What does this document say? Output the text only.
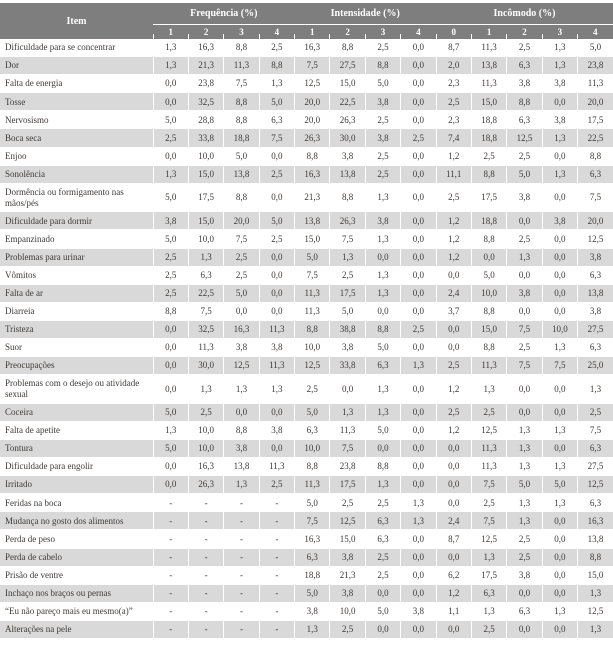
Item	Frequência (%)				Intensidade (%)				Incômodo (%)				
	1	2	3	4	1	2	3	4	0	1	2	3	4
Dificuldade para se concentrar	1,3	16,3	8,8	2,5	16,3	8,8	2,5	0,0	8,7	11,3	2,5	1,3	5,0
Dor	1,3	21,3	11,3	8,8	7,5	27,5	8,8	0,0	2,0	13,8	6,3	1,3	23,8
Falta de energia	0,0	23,8	7,5	1,3	12,5	15,0	5,0	0,0	2,3	11,3	3,8	3,8	11,3
Tosse	0,0	32,5	8,8	5,0	20,0	22,5	3,8	0,0	2,5	15,0	8,8	0,0	20,0
Nervosismo	5,0	28,8	8,8	6,3	20,0	26,3	2,5	0,0	2,3	18,8	6,3	3,8	17,5
Boca seca	2,5	33,8	18,8	7,5	26,3	30,0	3,8	2,5	7,4	18,8	12,5	1,3	22,5
Enjoo	0,0	10,0	5,0	0,0	8,8	3,8	2,5	0,0	1,2	2,5	2,5	0,0	8,8
Sonolência	1,3	15,0	13,8	2,5	16,3	13,8	2,5	0,0	11,1	8,8	5,0	1,3	6,3
Dormência ou formigamento nas mãos/pés	5,0	17,5	8,8	0,0	21,3	8,8	1,3	0,0	2,5	17,5	3,8	0,0	7,5
Dificuldade para dormir	3,8	15,0	20,0	5,0	13,8	26,3	3,8	0,0	1,2	18,8	0,0	3,8	20,0
Empanzinado	5,0	10,0	7,5	2,5	15,0	7,5	1,3	0,0	1,2	8,8	2,5	0,0	12,5
Problemas para urinar	2,5	1,3	2,5	0,0	5,0	1,3	0,0	0,0	1,2	0,0	1,3	0,0	3,8
Vômitos	2,5	6,3	2,5	0,0	7,5	2,5	1,3	0,0	0,0	5,0	0,0	0,0	6,3
Falta de ar	2,5	22,5	5,0	0,0	11,3	17,5	1,3	0,0	2,4	10,0	3,8	0,0	13,8
Diarreia	8,8	7,5	0,0	0,0	11,3	5,0	0,0	0,0	3,7	8,8	0,0	0,0	3,8
Tristeza	0,0	32,5	16,3	11,3	8,8	38,8	8,8	2,5	0,0	15,0	7,5	10,0	27,5
Suor	0,0	11,3	3,8	3,8	10,0	3,8	5,0	0,0	0,0	8,8	2,5	1,3	6,3
Preocupações	0,0	30,0	12,5	11,3	12,5	33,8	6,3	1,3	2,5	11,3	7,5	7,5	25,0
Problemas com o desejo ou atividade sexual	0,0	1,3	1,3	1,3	2,5	0,0	1,3	0,0	1,2	1,3	0,0	0,0	1,3
Coceira	5,0	2,5	0,0	0,0	5,0	1,3	1,3	0,0	2,5	2,5	0,0	0,0	2,5
Falta de apetite	1,3	10,0	8,8	3,8	6,3	11,3	5,0	0,0	1,2	12,5	1,3	1,3	7,5
Tontura	5,0	10,0	3,8	0,0	10,0	7,5	0,0	0,0	0,0	11,3	1,3	0,0	6,3
Dificuldade para engolir	0,0	16,3	13,8	11,3	8,8	23,8	8,8	0,0	0,0	11,3	1,3	1,3	27,5
Irritado	0,0	26,3	1,3	2,5	11,3	17,5	1,3	0,0	0,0	7,5	5,0	5,0	12,5
Feridas na boca	-	-	-	-	5,0	2,5	2,5	1,3	0,0	2,5	1,3	1,3	6,3
Mudança no gosto dos alimentos	-	-	-	-	7,5	12,5	6,3	1,3	2,4	7,5	1,3	0,0	16,3
Perda de peso	-	-	-	-	16,3	15,0	6,3	0,0	8,7	12,5	2,5	0,0	13,8
Perda de cabelo	-	-	-	-	6,3	3,8	2,5	0,0	0,0	1,3	2,5	0,0	8,8
Prisão de ventre	-	-	-	-	18,8	21,3	2,5	0,0	6,2	17,5	3,8	0,0	15,0
Inchaço nos braços ou pernas	-	-	-	-	5,0	3,8	0,0	0,0	1,2	6,3	0,0	0,0	1,3
“Eu não pareço mais eu mesmo(a)”	-	-	-	-	3,8	10,0	5,0	3,8	1,1	1,3	6,3	1,3	12,5
Alterações na pele	-	-	-	-	1,3	2,5	0,0	0,0	0,0	2,5	0,0	0,0	1,3
